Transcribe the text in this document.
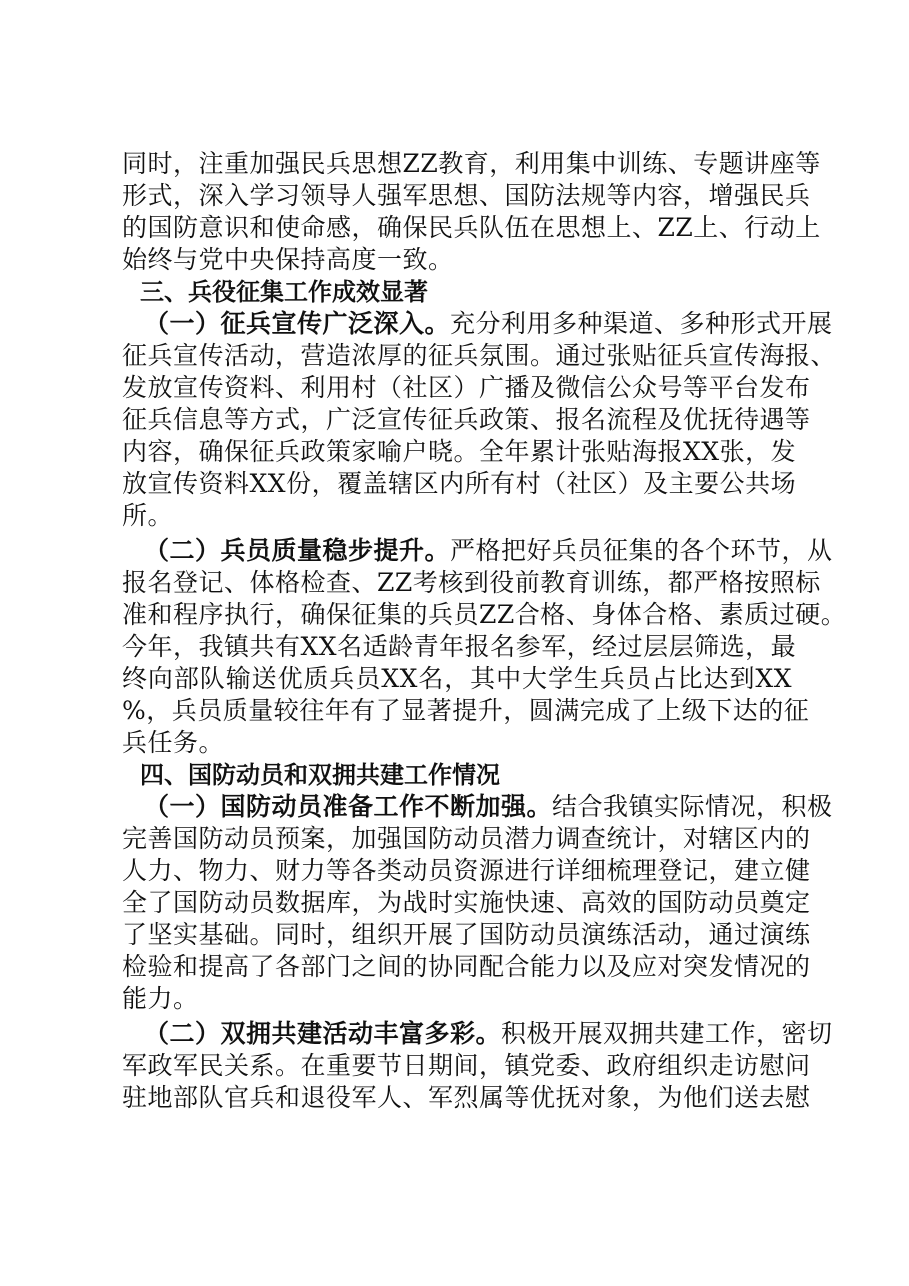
同时，注重加强民兵思想ZZ教育，利用集中训练、专题讲座等
形式，深入学习领导人强军思想、国防法规等内容，增强民兵
的国防意识和使命感，确保民兵队伍在思想上、ZZ上、行动上
始终与党中央保持高度一致。
三、兵役征集工作成效显著
（一）征兵宣传广泛深入。充分利用多种渠道、多种形式开展
征兵宣传活动，营造浓厚的征兵氛围。通过张贴征兵宣传海报、
发放宣传资料、利用村（社区）广播及微信公众号等平台发布
征兵信息等方式，广泛宣传征兵政策、报名流程及优抚待遇等
内容，确保征兵政策家喻户晓。全年累计张贴海报XX张，发
放宣传资料XX份，覆盖辖区内所有村（社区）及主要公共场
所。
（二）兵员质量稳步提升。严格把好兵员征集的各个环节，从
报名登记、体格检查、ZZ考核到役前教育训练，都严格按照标
准和程序执行，确保征集的兵员ZZ合格、身体合格、素质过硬。
今年，我镇共有XX名适龄青年报名参军，经过层层筛选，最
终向部队输送优质兵员XX名，其中大学生兵员占比达到XX
%，兵员质量较往年有了显著提升，圆满完成了上级下达的征
兵任务。
四、国防动员和双拥共建工作情况
（一）国防动员准备工作不断加强。结合我镇实际情况，积极
完善国防动员预案，加强国防动员潜力调查统计，对辖区内的
人力、物力、财力等各类动员资源进行详细梳理登记，建立健
全了国防动员数据库，为战时实施快速、高效的国防动员奠定
了坚实基础。同时，组织开展了国防动员演练活动，通过演练
检验和提高了各部门之间的协同配合能力以及应对突发情况的
能力。
（二）双拥共建活动丰富多彩。积极开展双拥共建工作，密切
军政军民关系。在重要节日期间，镇党委、政府组织走访慰问
驻地部队官兵和退役军人、军烈属等优抚对象，为他们送去慰
